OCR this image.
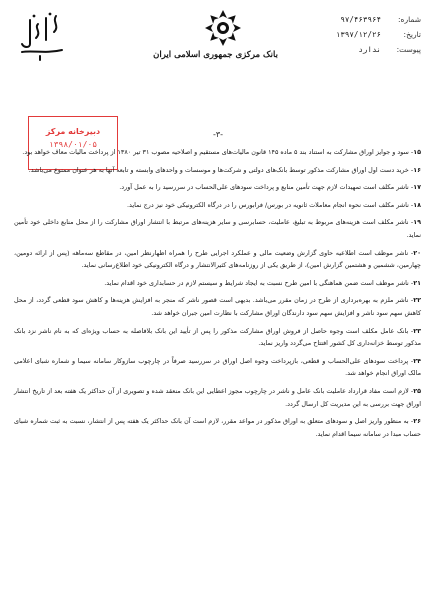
شماره:
۹۷/۴۶۳۹۶۴
تاریخ:
۱۳۹۷/۱۲/۲۶
پیوست:
ندارد
بانک مرکزی جمهوری اسلامی ایران
دبیرخانه مرکز
۱۳۹۸/۰۱/۰۵
-۳-

۱۵- سود و جوایز اوراق مشارکت به استناد بند ۵ ماده ۱۴۵ قانون مالیات‌های مستقیم و اصلاحیه مصوب ۳۱ تیر ۱۳۸۰ از پرداخت مالیات معاف خواهد بود.

۱۶- خرید دست اول اوراق مشارکت مذکور توسط بانک‌های دولتی و شرکت‌ها و موسسات و واحدهای وابسته و تابعه آنها به هر عنوان ممنوع می‌باشد.

۱۷- ناشر مکلف است تمهیدات لازم جهت تأمین منابع و پرداخت سودهای علی‌الحساب در سررسید را به عمل آورد.

۱۸- ناشر مکلف است نحوه انجام معاملات ثانویه در بورس/ فرابورس را در درگاه الکترونیکی خود نیز درج نماید.

۱۹- ناشر مکلف است هزینه‌های مربوط به تبلیغ، عاملیت، حسابرسی و سایر هزینه‌های مرتبط با انتشار اوراق مشارکت را از محل منابع داخلی خود تأمین نماید.

۲۰- ناشر موظف است اطلاعیه حاوی گزارش وضعیت مالی و عملکرد اجرایی طرح را همراه اظهارنظر امین، در مقاطع سه‌ماهه (پس از ارائه دومین، چهارمین، ششمین و هشتمین گزارش امین)، از طریق یکی از روزنامه‌های کثیرالانتشار و درگاه الکترونیکی خود اطلاع‌رسانی نماید.

۲۱- ناشر موظف است ضمن هماهنگی با امین طرح نسبت به ایجاد شرایط و سیستم لازم در حسابداری خود اقدام نماید.

۲۲- ناشر ملزم به بهره‌برداری از طرح در زمان مقرر می‌باشد. بدیهی است قصور ناشر که منجر به افزایش هزینه‌ها و کاهش سود قطعی گردد، از محل کاهش سهم سود ناشر و افزایش سهم سود دارندگان اوراق مشارکت با نظارت امین جبران خواهد شد.

۲۳- بانک عامل مکلف است وجوه حاصل از فروش اوراق مشارکت مذکور را پس از تأیید این بانک بلافاصله به حساب ویژه‌ای که به نام ناشر نزد بانک مذکور توسط خزانه‌داری کل کشور افتتاح می‌گردد واریز نماید.

۲۴- پرداخت سودهای علی‌الحساب و قطعی، بازپرداخت وجوه اصل اوراق در سررسید صرفاً در چارچوب سازوکار سامانه سیما و شماره شبای اعلامی مالک اوراق انجام خواهد شد.

۲۵- لازم است مفاد قرارداد عاملیت بانک عامل و ناشر در چارچوب مجوز اعطایی این بانک منعقد شده و تصویری از آن حداکثر یک هفته بعد از تاریخ انتشار اوراق جهت بررسی به این مدیریت کل ارسال گردد.

۲۶- به منظور واریز اصل و سودهای متعلق به اوراق مذکور در مواعد مقرر، لازم است آن بانک حداکثر یک هفته پس از انتشار، نسبت به ثبت شماره شبای حساب مبدا در سامانه سیما اقدام نماید.
